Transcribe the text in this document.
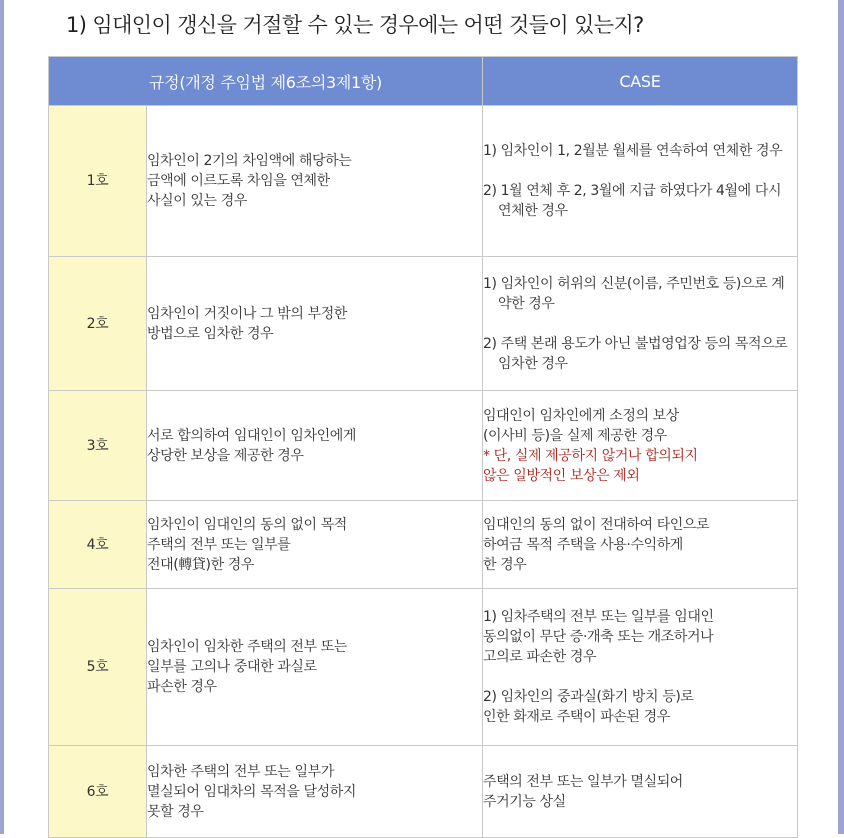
1) 임대인이 갱신을 거절할 수 있는 경우에는 어떤 것들이 있는지?
규정(개정 주임법 제6조의3제1항)		CASE
1호	임차인이 2기의 차임액에 해당하는
금액에 이르도록 차임을 연체한
사실이 있는 경우	1) 임차인이 1, 2월분 월세를 연속하여 연체한 경우
2) 1월 연체 후 2, 3월에 지급 하였다가 4월에 다시 연체한 경우

2호	임차인이 거짓이나 그 밖의 부정한
방법으로 임차한 경우	1) 임차인이 허위의 신분(이름, 주민번호 등)으로 계약한 경우
2) 주택 본래 용도가 아닌 불법영업장 등의 목적으로 임차한 경우

3호	서로 합의하여 임대인이 임차인에게
상당한 보상을 제공한 경우	임대인이 임차인에게 소정의 보상
(이사비 등)을 실제 제공한 경우
* 단, 실제 제공하지 않거나 합의되지
않은 일방적인 보상은 제외

4호	임차인이 임대인의 동의 없이 목적
주택의 전부 또는 일부를
전대(轉貸)한 경우	임대인의 동의 없이 전대하여 타인으로
하여금 목적 주택을 사용·수익하게
한 경우

5호	임차인이 임차한 주택의 전부 또는
일부를 고의나 중대한 과실로
파손한 경우	1) 임차주택의 전부 또는 일부를 임대인
동의없이 무단 증·개축 또는 개조하거나
고의로 파손한 경우
2) 임차인의 중과실(화기 방치 등)로
인한 화재로 주택이 파손된 경우

6호	임차한 주택의 전부 또는 일부가
멸실되어 임대차의 목적을 달성하지
못할 경우	주택의 전부 또는 일부가 멸실되어
주거기능 상실
